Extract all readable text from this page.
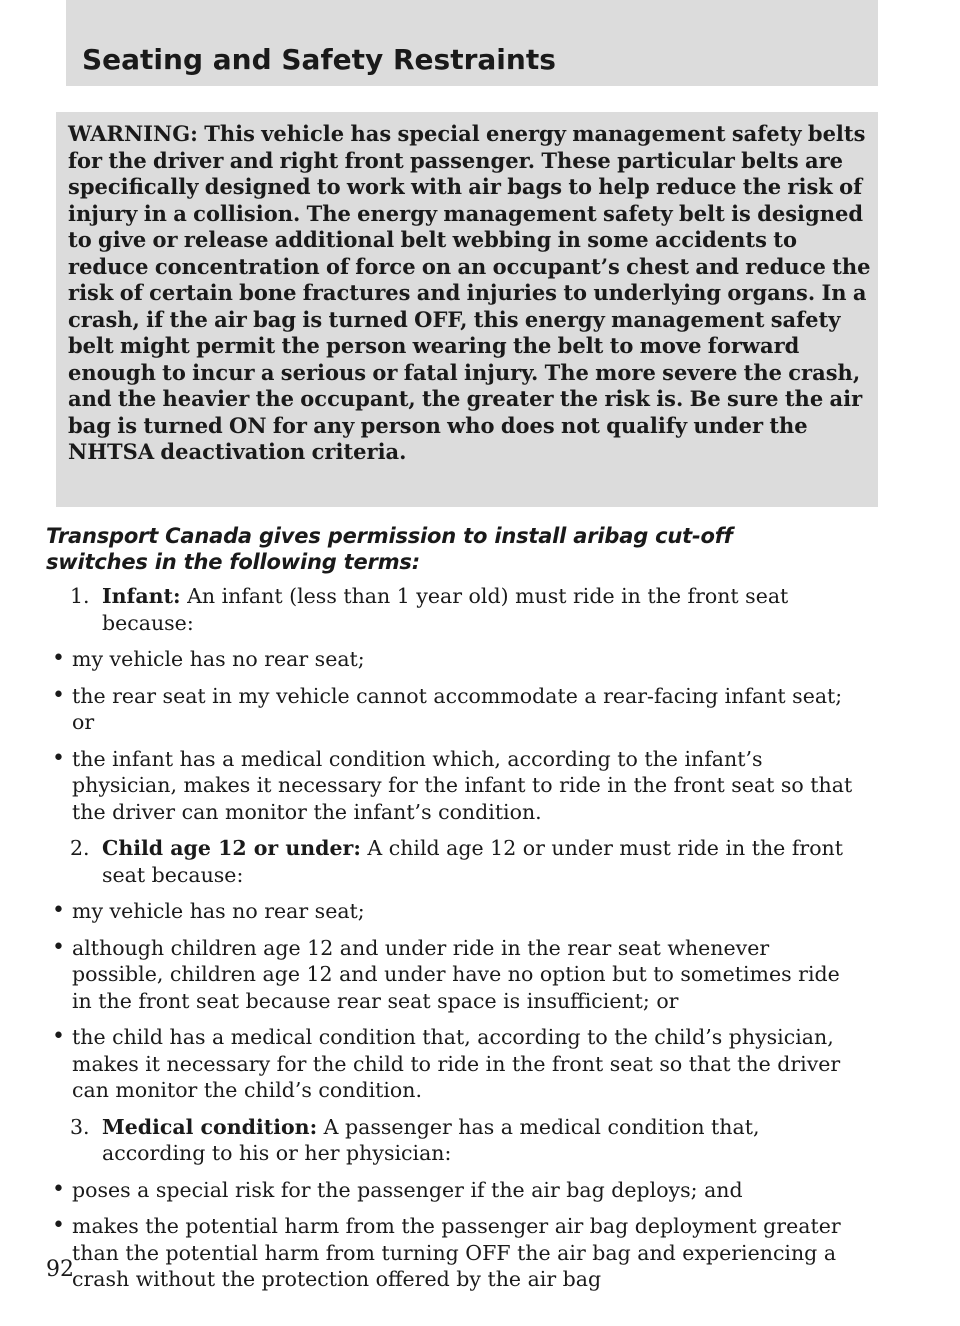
Seating and Safety Restraints

WARNING: This vehicle has special energy management safety belts for the driver and right front passenger. These particular belts are specifically designed to work with air bags to help reduce the risk of injury in a collision. The energy management safety belt is designed to give or release additional belt webbing in some accidents to reduce concentration of force on an occupant’s chest and reduce the risk of certain bone fractures and injuries to underlying organs. In a crash, if the air bag is turned OFF, this energy management safety belt might permit the person wearing the belt to move forward enough to incur a serious or fatal injury. The more severe the crash, and the heavier the occupant, the greater the risk is. Be sure the air bag is turned ON for any person who does not qualify under the NHTSA deactivation criteria.

Transport Canada gives permission to install aribag cut-off switches in the following terms:

1. Infant: An infant (less than 1 year old) must ride in the front seat because:

• my vehicle has no rear seat;
• the rear seat in my vehicle cannot accommodate a rear-facing infant seat; or
• the infant has a medical condition which, according to the infant’s physician, makes it necessary for the infant to ride in the front seat so that the driver can monitor the infant’s condition.

2. Child age 12 or under: A child age 12 or under must ride in the front seat because:

• my vehicle has no rear seat;
• although children age 12 and under ride in the rear seat whenever possible, children age 12 and under have no option but to sometimes ride in the front seat because rear seat space is insufficient; or
• the child has a medical condition that, according to the child’s physician, makes it necessary for the child to ride in the front seat so that the driver can monitor the child’s condition.

3. Medical condition: A passenger has a medical condition that, according to his or her physician:

• poses a special risk for the passenger if the air bag deploys; and
• makes the potential harm from the passenger air bag deployment greater than the potential harm from turning OFF the air bag and experiencing a crash without the protection offered by the air bag
92
